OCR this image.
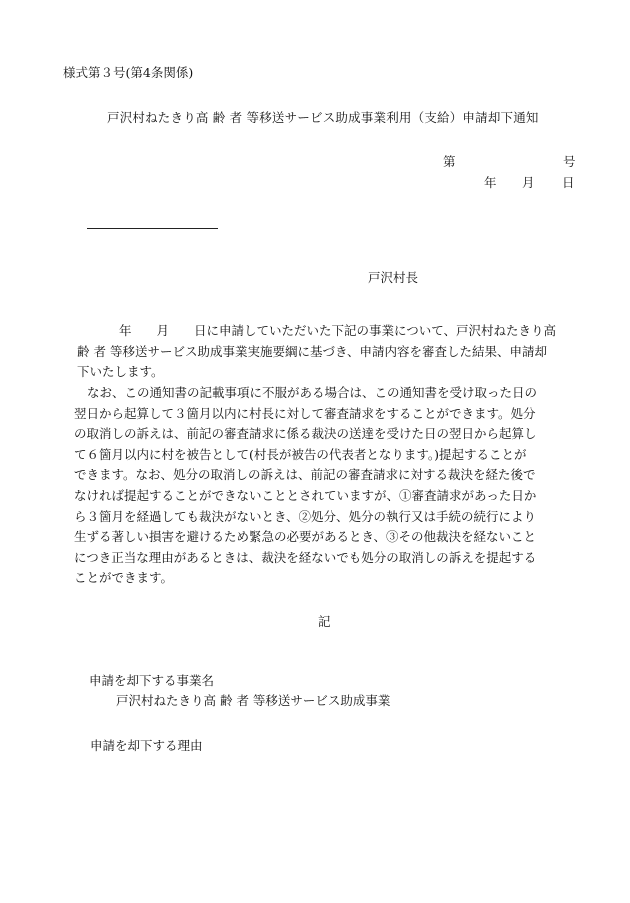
様式第３号(第4条関係)
戸沢村ねたきり高 齢 者 等移送サービス助成事業利用（支給）申請却下通知
第	号
年 月 日
戸沢村長
　　年　　月　　日に申請していただいた下記の事業について、戸沢村ねたきり高
齢 者 等移送サービス助成事業実施要綱に基づき、申請内容を審査した結果、申請却
下いたします。
なお、この通知書の記載事項に不服がある場合は、この通知書を受け取った日の
翌日から起算して３箇月以内に村長に対して審査請求をすることができます。処分
の取消しの訴えは、前記の審査請求に係る裁決の送達を受けた日の翌日から起算し
て６箇月以内に村を被告として(村長が被告の代表者となります。)提起することが
できます。なお、処分の取消しの訴えは、前記の審査請求に対する裁決を経た後で
なければ提起することができないこととされていますが、①審査請求があった日か
ら３箇月を経過しても裁決がないとき、②処分、処分の執行又は手続の続行により
生ずる著しい損害を避けるため緊急の必要があるとき、③その他裁決を経ないこと
につき正当な理由があるときは、裁決を経ないでも処分の取消しの訴えを提起する
ことができます。
記
申請を却下する事業名
戸沢村ねたきり高 齢 者 等移送サービス助成事業
申請を却下する理由
